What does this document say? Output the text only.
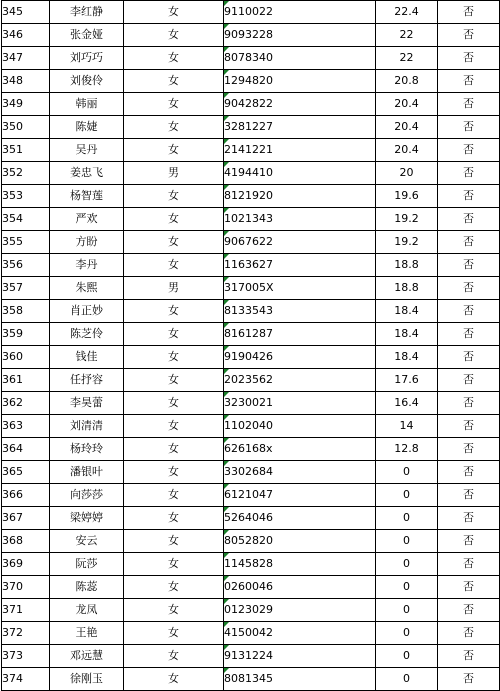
345	李红静	女	9110022	22.4	否
346	张金娅	女	9093228	22	否
347	刘巧巧	女	8078340	22	否
348	刘俊伶	女	1294820	20.8	否
349	韩丽	女	9042822	20.4	否
350	陈婕	女	3281227	20.4	否
351	吴丹	女	2141221	20.4	否
352	姜忠飞	男	4194410	20	否
353	杨智莲	女	8121920	19.6	否
354	严欢	女	1021343	19.2	否
355	方盼	女	9067622	19.2	否
356	李丹	女	1163627	18.8	否
357	朱熙	男	317005X	18.8	否
358	肖正妙	女	8133543	18.4	否
359	陈芝伶	女	8161287	18.4	否
360	钱佳	女	9190426	18.4	否
361	任抒容	女	2023562	17.6	否
362	李昊蕾	女	3230021	16.4	否
363	刘清清	女	1102040	14	否
364	杨玲玲	女	626168x	12.8	否
365	潘银叶	女	3302684	0	否
366	向莎莎	女	6121047	0	否
367	梁婷婷	女	5264046	0	否
368	安云	女	8052820	0	否
369	阮莎	女	1145828	0	否
370	陈蕊	女	0260046	0	否
371	龙凤	女	0123029	0	否
372	王艳	女	4150042	0	否
373	邓远慧	女	9131224	0	否
374	徐刚玉	女	8081345	0	否
